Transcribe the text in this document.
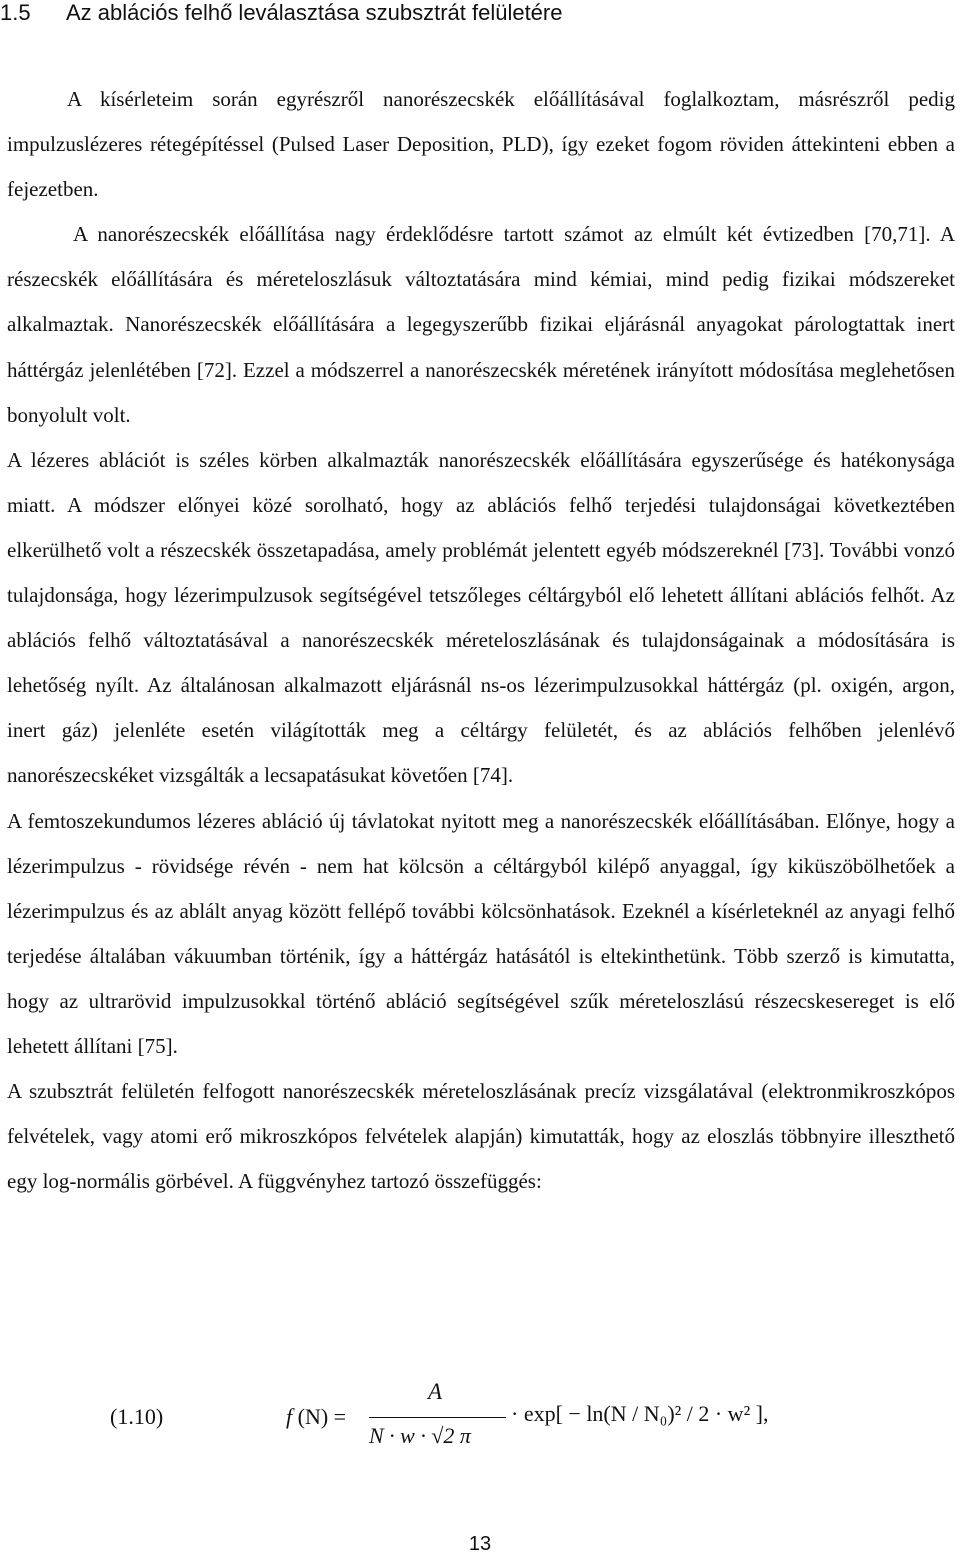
1.5 Az ablációs felhő leválasztása szubsztrát felületére

A kísérleteim során egyrészről nanorészecskék előállításával foglalkoztam, másrészről pedig impulzuslézeres rétegépítéssel (Pulsed Laser Deposition, PLD), így ezeket fogom röviden áttekinteni ebben a fejezetben.

A nanorészecskék előállítása nagy érdeklődésre tartott számot az elmúlt két évtizedben [70,71]. A részecskék előállítására és méreteloszlásuk változtatására mind kémiai, mind pedig fizikai módszereket alkalmaztak. Nanorészecskék előállítására a legegyszerűbb fizikai eljárásnál anyagokat párologtattak inert háttérgáz jelenlétében [72]. Ezzel a módszerrel a nanorészecskék méretének irányított módosítása meglehetősen bonyolult volt.

A lézeres ablációt is széles körben alkalmazták nanorészecskék előállítására egyszerűsége és hatékonysága miatt. A módszer előnyei közé sorolható, hogy az ablációs felhő terjedési tulajdonságai következtében elkerülhető volt a részecskék összetapadása, amely problémát jelentett egyéb módszereknél [73]. További vonzó tulajdonsága, hogy lézerimpulzusok segítségével tetszőleges céltárgyból elő lehetett állítani ablációs felhőt. Az ablációs felhő változtatásával a nanorészecskék méreteloszlásának és tulajdonságainak a módosítására is lehetőség nyílt. Az általánosan alkalmazott eljárásnál ns-os lézerimpulzusokkal háttérgáz (pl. oxigén, argon, inert gáz) jelenléte esetén világították meg a céltárgy felületét, és az ablációs felhőben jelenlévő nanorészecskéket vizsgálták a lecsapatásukat követően [74].

A femtoszekundumos lézeres abláció új távlatokat nyitott meg a nanorészecskék előállításában. Előnye, hogy a lézerimpulzus - rövidsége révén - nem hat kölcsön a céltárgyból kilépő anyaggal, így kiküszöbölhetőek a lézerimpulzus és az ablált anyag között fellépő további kölcsönhatások. Ezeknél a kísérleteknél az anyagi felhő terjedése általában vákuumban történik, így a háttérgáz hatásától is eltekinthetünk. Több szerző is kimutatta, hogy az ultrarövid impulzusokkal történő abláció segítségével szűk méreteloszlású részecskesereget is elő lehetett állítani [75].

A szubsztrát felületén felfogott nanorészecskék méreteloszlásának precíz vizsgálatával (elektronmikroszkópos felvételek, vagy atomi erő mikroszkópos felvételek alapján) kimutatták, hogy az eloszlás többnyire illeszthető egy log-normális görbével. A függvényhez tartozó összefüggés:

(1.10)	f (N) =
A
N · w · √2 π
· exp[ − ln(N / N₀)² / 2 · w² ],
13
